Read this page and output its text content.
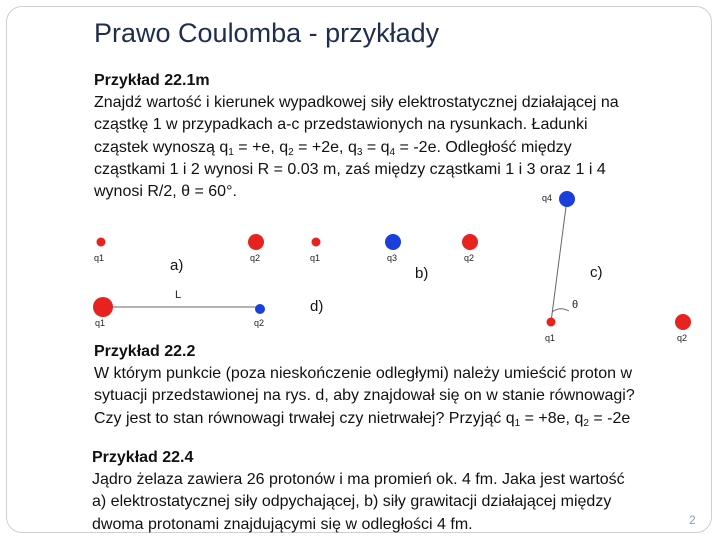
Prawo Coulomba - przykłady
Przykład 22.1m
Znajdź wartość i kierunek wypadkowej siły elektrostatycznej działającej na
cząstkę 1 w przypadkach a-c przedstawionych na rysunkach. Ładunki
cząstek wynoszą $q_1 = +e$, $q_2 = +2e$, $q_3 = q_4 = -2e$. Odległość między
cząstkami 1 i 2 wynosi R = 0.03 m, zaś między cząstkami 1 i 3 oraz 1 i 4
wynosi R/2, θ = 60°.
q1	a)	q2	q1	q3
b)
q2
q4
c)
θ
q1	q2
L
d)
q1	q2
Przykład 22.2
W którym punkcie (poza nieskończenie odległymi) należy umieścić proton w
sytuacji przedstawionej na rys. d, aby znajdował się on w stanie równowagi?
Czy jest to stan równowagi trwałej czy nietrwałej? Przyjąć $q_1 = +8e$, $q_2 = -2e$
Przykład 22.4
Jądro żelaza zawiera 26 protonów i ma promień ok. 4 fm. Jaka jest wartość
a) elektrostatycznej siły odpychającej, b) siły grawitacji działającej między
dwoma protonami znajdującymi się w odległości 4 fm.	2
